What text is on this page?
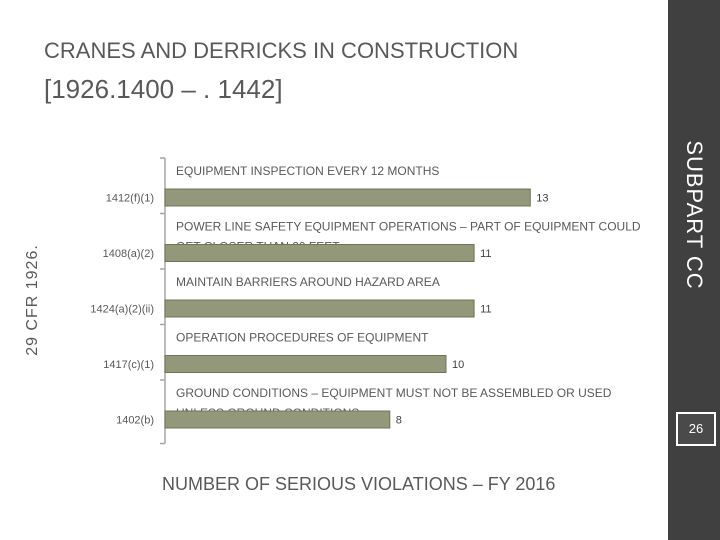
CRANES AND DERRICKS IN CONSTRUCTION
[1926.1400 – . 1442]
SUBPART CC
29 CFR 1926.
EQUIPMENT INSPECTION EVERY 12 MONTHS
1412(f)(1)	13
POWER LINE SAFETY EQUIPMENT OPERATIONS – PART OF EQUIPMENT COULD
1408(a)(2)	11
MAINTAIN BARRIERS AROUND HAZARD AREA
1424(a)(2)(ii)	11
OPERATION PROCEDURES OF EQUIPMENT
1417(c)(1)	10
GROUND CONDITIONS – EQUIPMENT MUST NOT BE ASSEMBLED OR USED
1402(b)	8
26
NUMBER OF SERIOUS VIOLATIONS – FY 2016
